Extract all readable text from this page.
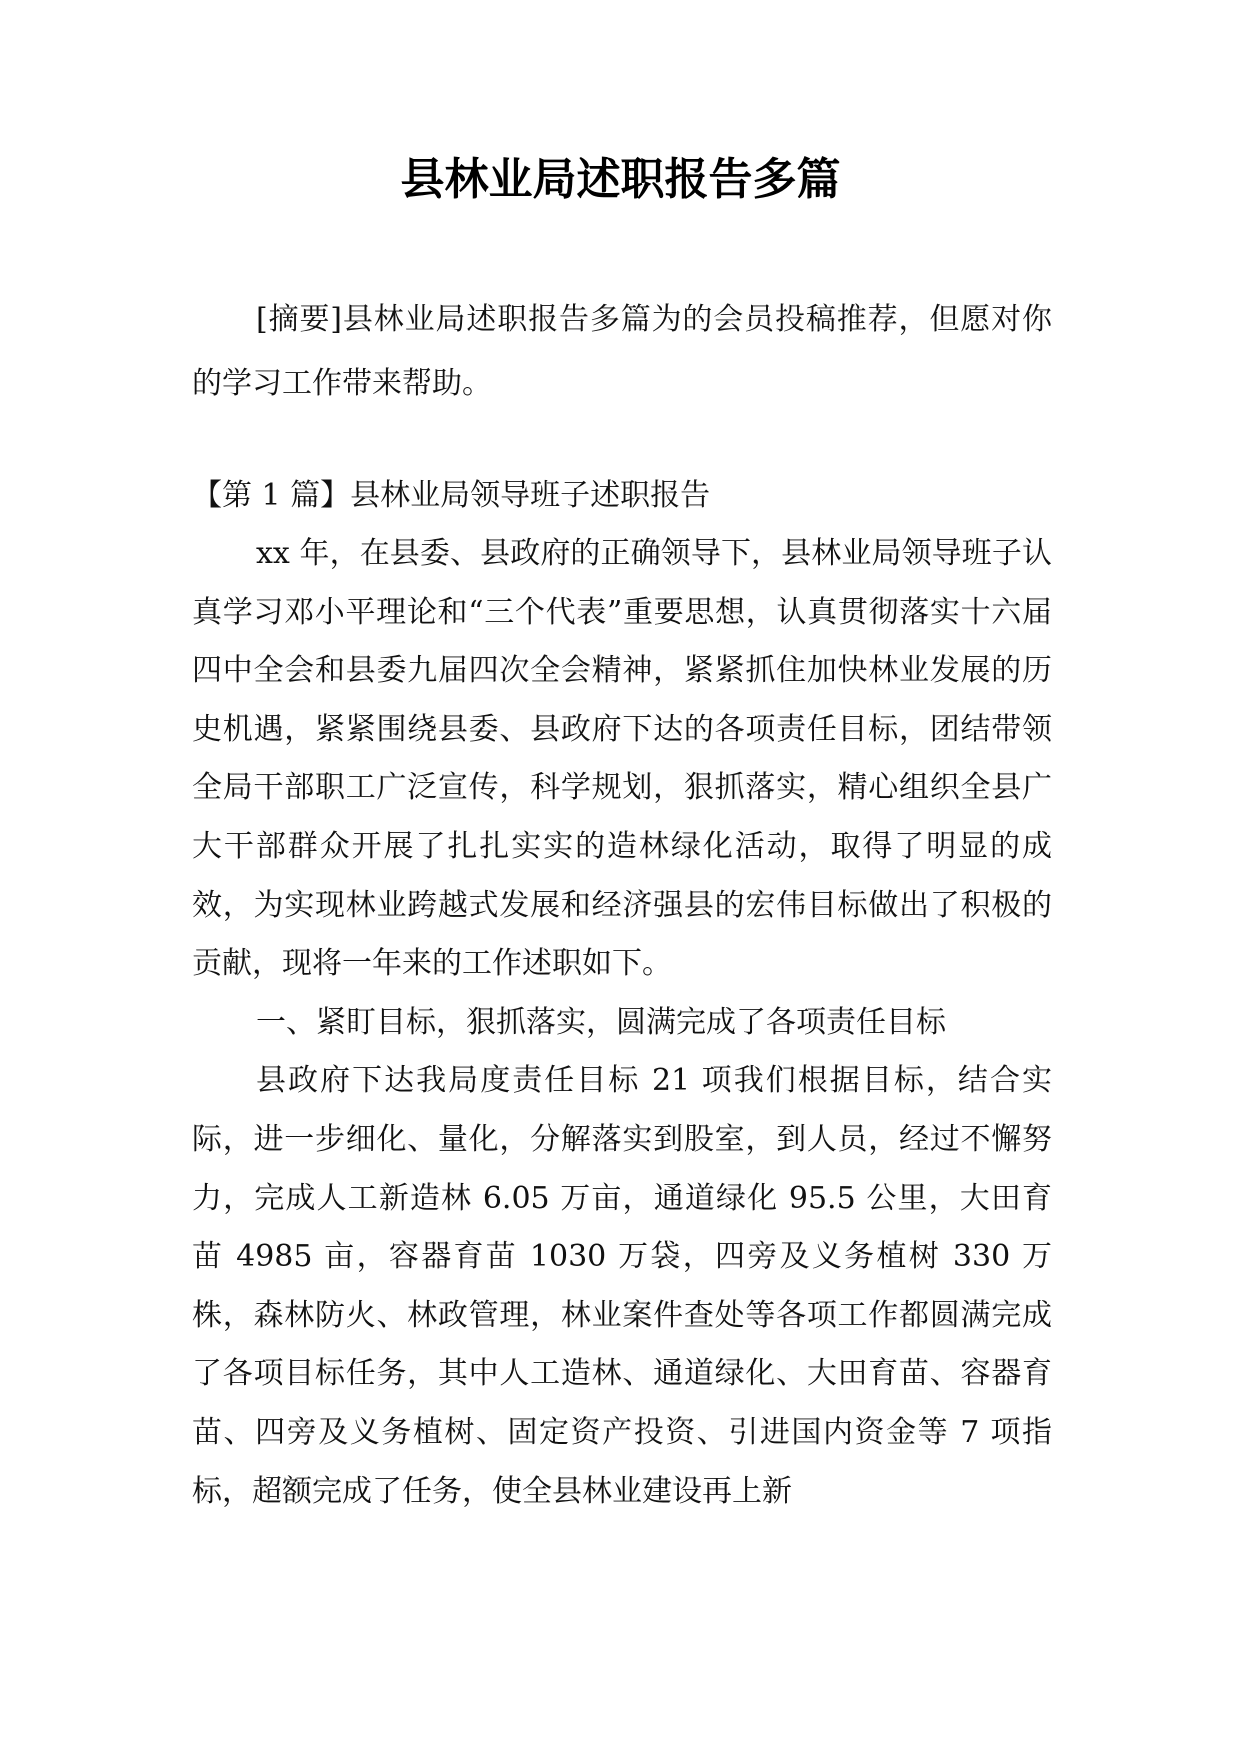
县林业局述职报告多篇

[摘要]县林业局述职报告多篇为的会员投稿推荐，但愿对你的学习工作带来帮助。

【第 1 篇】县林业局领导班子述职报告

xx 年，在县委、县政府的正确领导下，县林业局领导班子认真学习邓小平理论和“三个代表”重要思想，认真贯彻落实十六届四中全会和县委九届四次全会精神，紧紧抓住加快林业发展的历史机遇，紧紧围绕县委、县政府下达的各项责任目标，团结带领全局干部职工广泛宣传，科学规划，狠抓落实，精心组织全县广大干部群众开展了扎扎实实的造林绿化活动，取得了明显的成效，为实现林业跨越式发展和经济强县的宏伟目标做出了积极的贡献，现将一年来的工作述职如下。

一、紧盯目标，狠抓落实，圆满完成了各项责任目标

县政府下达我局度责任目标 21 项我们根据目标，结合实际，进一步细化、量化，分解落实到股室，到人员，经过不懈努力，完成人工新造林 6.05 万亩，通道绿化 95.5 公里，大田育苗 4985 亩，容器育苗 1030 万袋，四旁及义务植树 330 万株，森林防火、林政管理，林业案件查处等各项工作都圆满完成了各项目标任务，其中人工造林、通道绿化、大田育苗、容器育苗、四旁及义务植树、固定资产投资、引进国内资金等 7 项指标，超额完成了任务，使全县林业建设再上新
